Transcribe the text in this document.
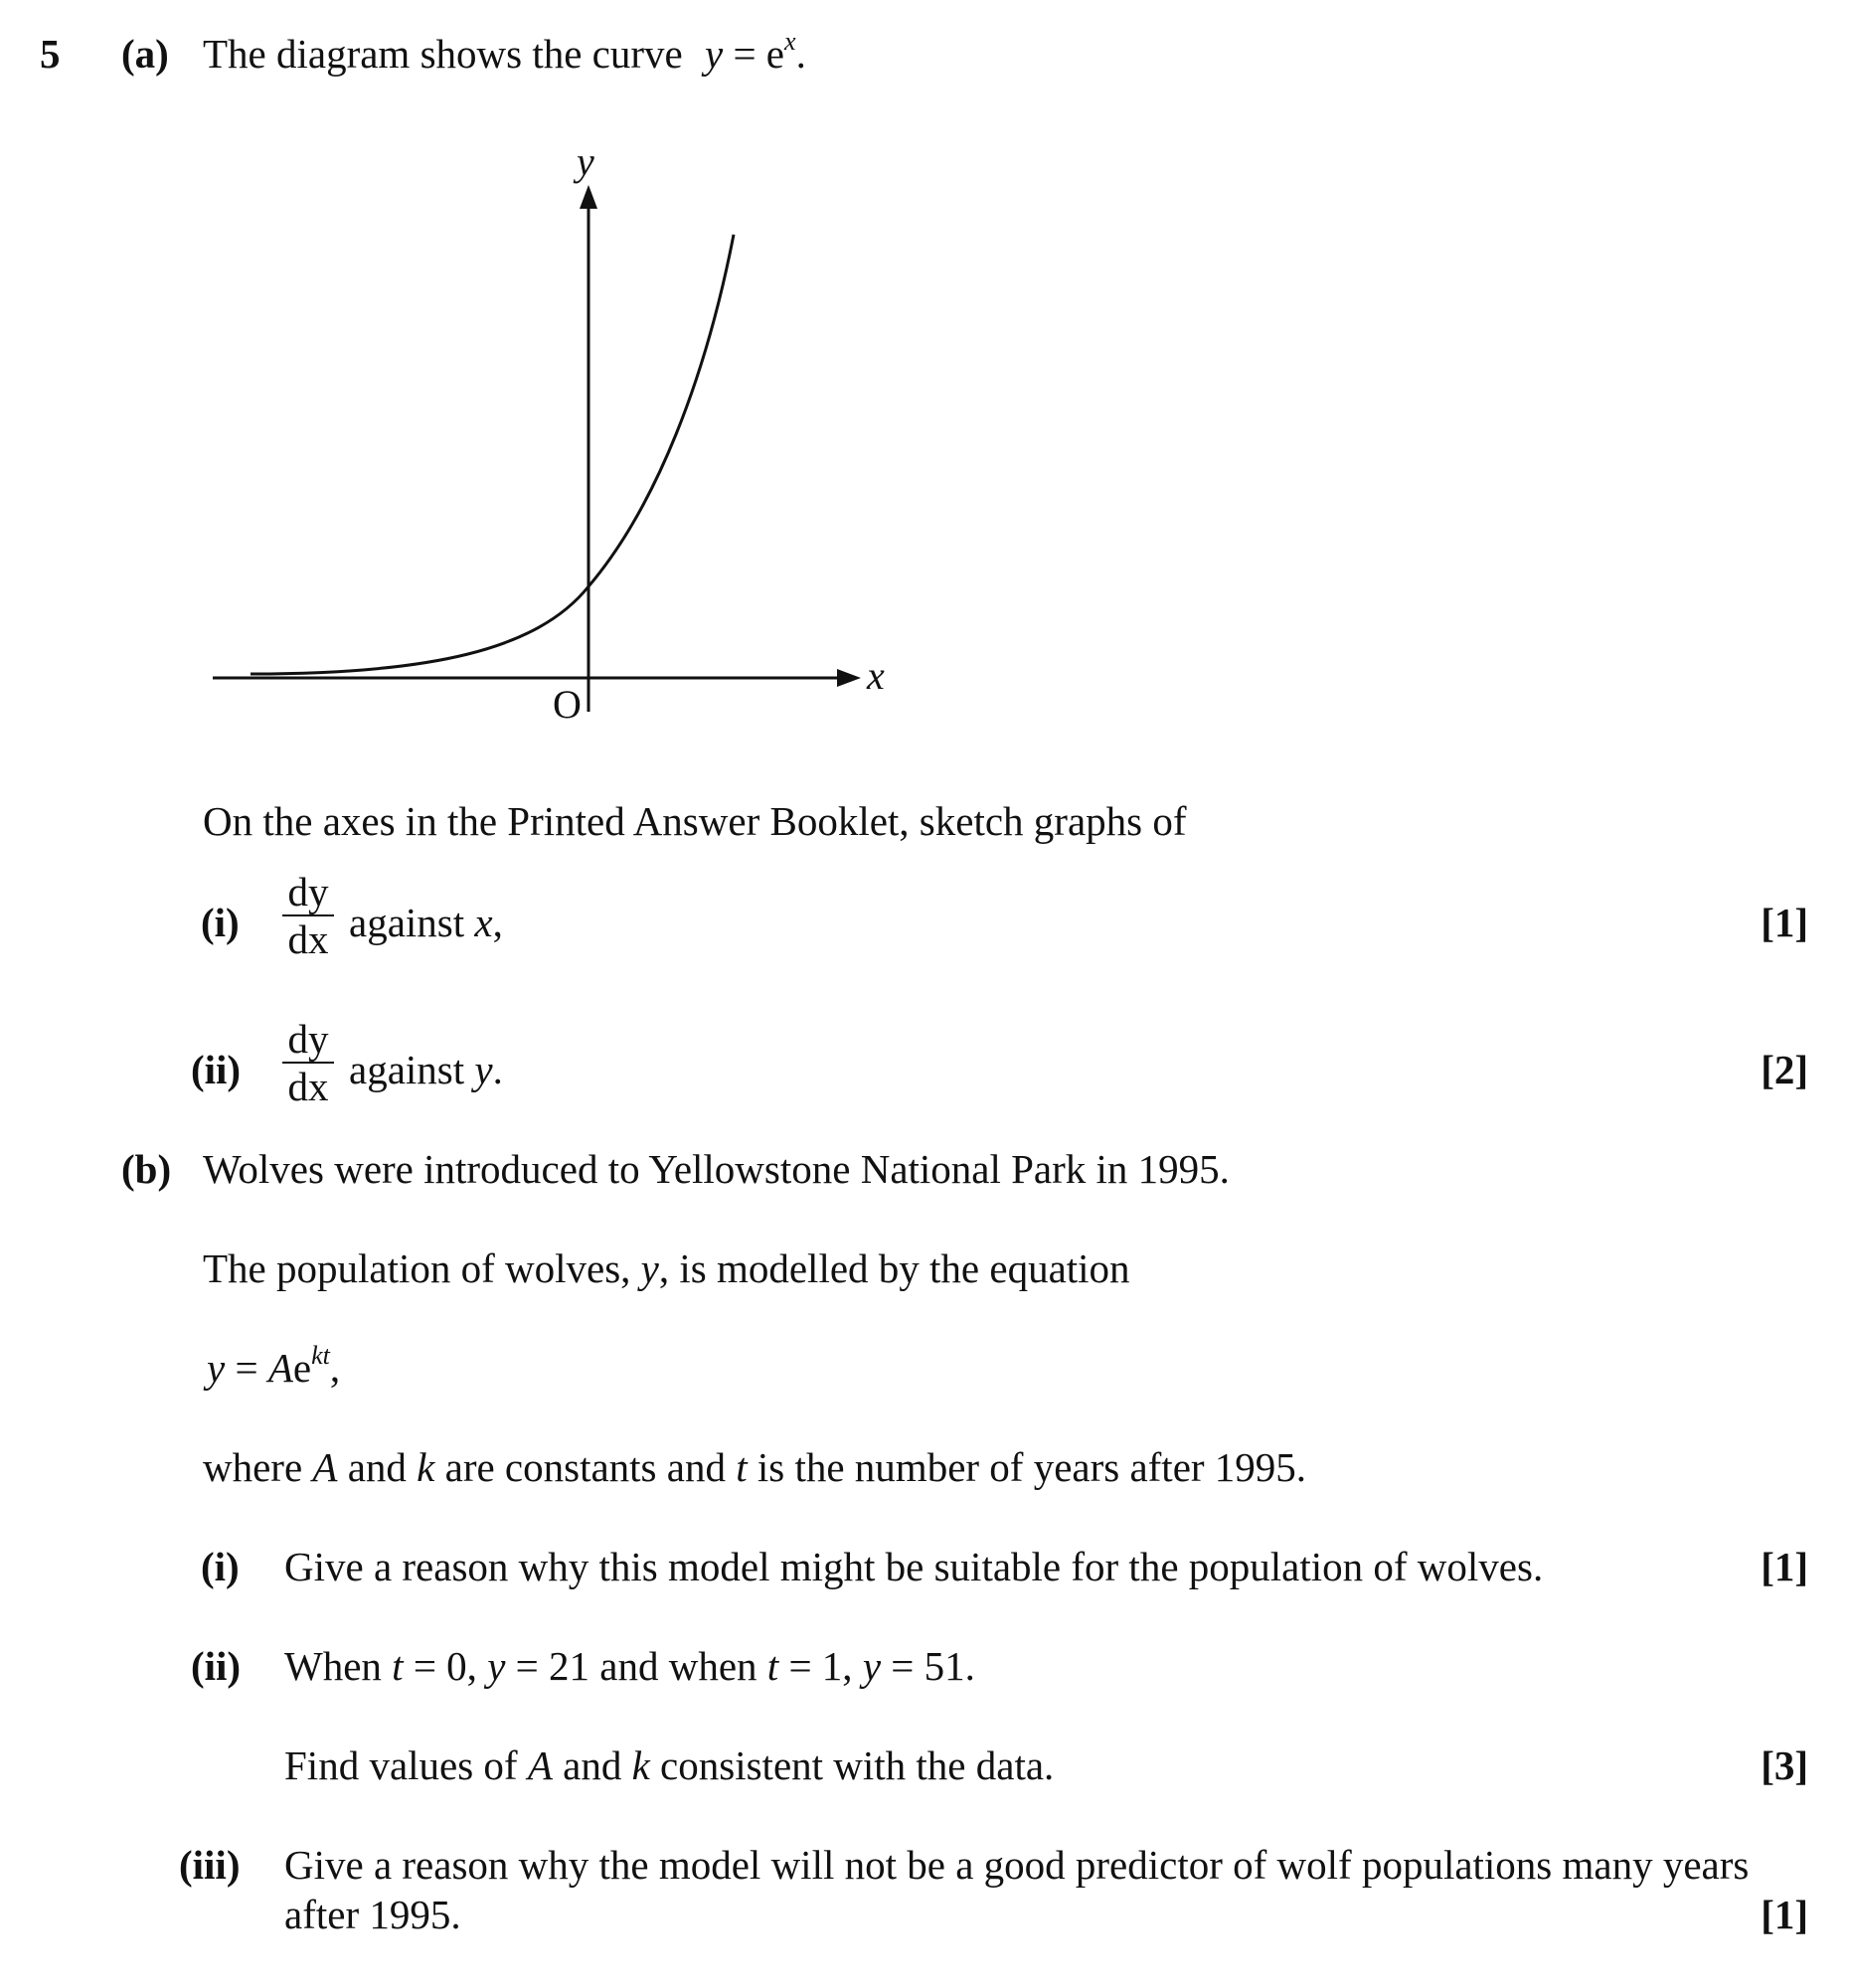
5 (a) The diagram shows the curve $y = e^x$.
y
x
O
On the axes in the Printed Answer Booklet, sketch graphs of
(i)
dy
dx against x,	[1]
(ii)
dy
dx against y.	[2]
(b) Wolves were introduced to Yellowstone National Park in 1995.
The population of wolves, y, is modelled by the equation
$y = Ae^{kt}$,
where A and k are constants and t is the number of years after 1995.
(i) Give a reason why this model might be suitable for the population of wolves.	[1]
(ii) When t = 0, y = 21 and when t = 1, y = 51.
Find values of A and k consistent with the data.	[3]
(iii) Give a reason why the model will not be a good predictor of wolf populations many years
after 1995.	[1]
